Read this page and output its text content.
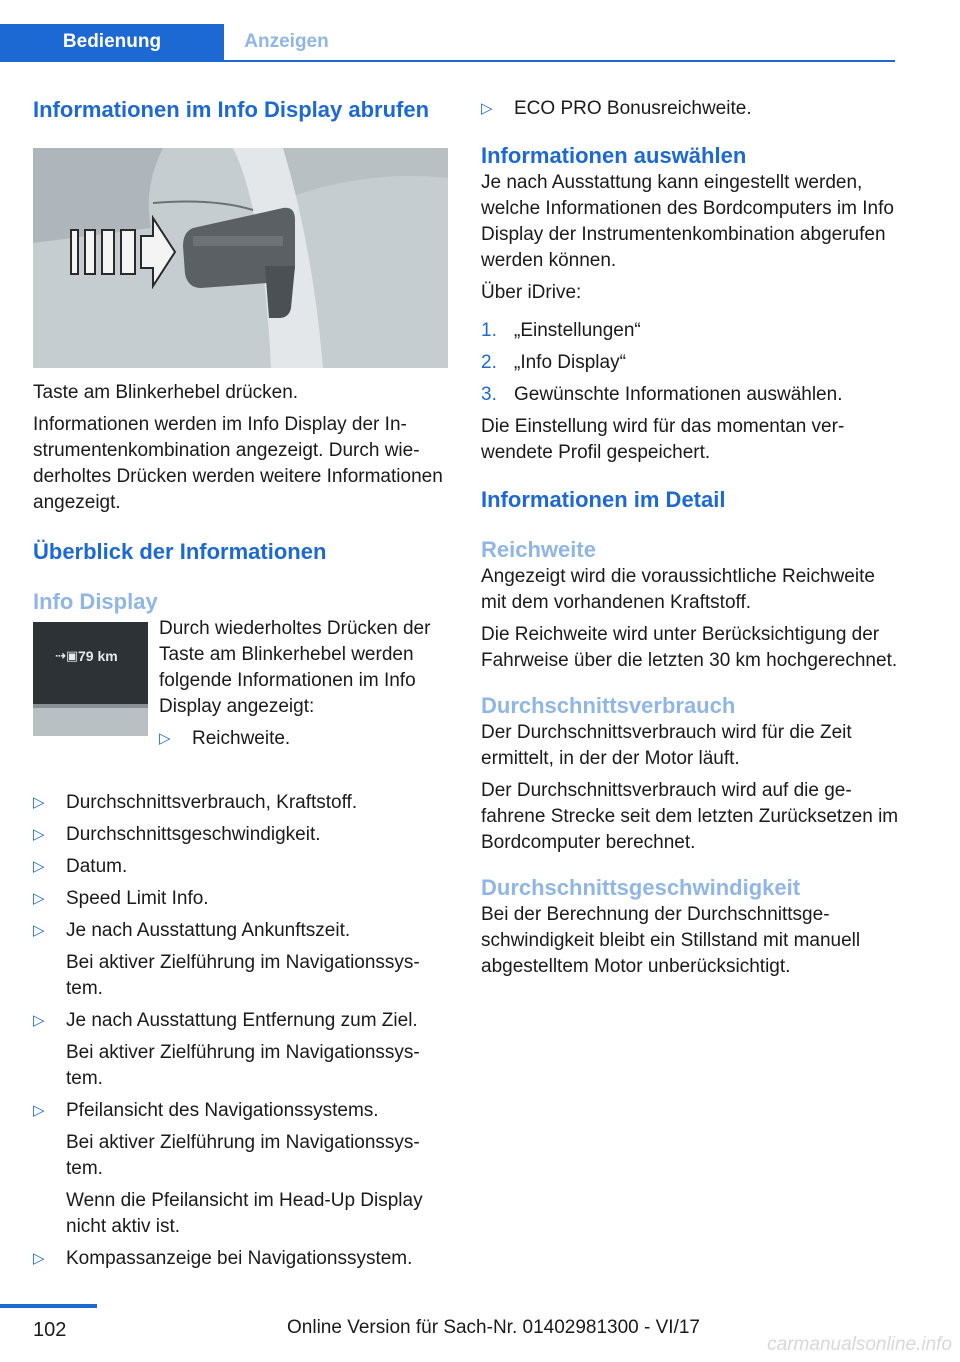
Bedienung	Anzeigen
Informationen im Info Display abrufen

Taste am Blinkerhebel drücken.

Informationen werden im Info Display der Instrumentenkombination angezeigt. Durch wiederholtes Drücken werden weitere Informationen angezeigt.

Überblick der Informationen
Info Display
⇢▣ 79 km

Durch wiederholtes Drücken der Taste am Blinkerhebel werden folgende Informationen im Info Display angezeigt:

▷ Reichweite.
▷ Durchschnittsverbrauch, Kraftstoff.
▷ Durchschnittsgeschwindigkeit.
▷ Datum.
▷ Speed Limit Info.
▷ Je nach Ausstattung Ankunftszeit.
Bei aktiver Zielführung im Navigationssystem.
▷ Je nach Ausstattung Entfernung zum Ziel.
Bei aktiver Zielführung im Navigationssystem.
▷ Pfeilansicht des Navigationssystems.
Bei aktiver Zielführung im Navigationssystem.
Wenn die Pfeilansicht im Head-Up Display nicht aktiv ist.
▷ Kompassanzeige bei Navigationssystem.
▷ ECO PRO Bonusreichweite.
Informationen auswählen

Je nach Ausstattung kann eingestellt werden, welche Informationen des Bordcomputers im Info Display der Instrumentenkombination abgerufen werden können.

Über iDrive:

1. „Einstellungen“
2. „Info Display“
3. Gewünschte Informationen auswählen.

Die Einstellung wird für das momentan verwendete Profil gespeichert.

Informationen im Detail
Reichweite

Angezeigt wird die voraussichtliche Reichweite mit dem vorhandenen Kraftstoff.

Die Reichweite wird unter Berücksichtigung der Fahrweise über die letzten 30 km hochgerechnet.

Durchschnittsverbrauch

Der Durchschnittsverbrauch wird für die Zeit ermittelt, in der der Motor läuft.

Der Durchschnittsverbrauch wird auf die gefahrene Strecke seit dem letzten Zurücksetzen im Bordcomputer berechnet.

Durchschnittsgeschwindigkeit

Bei der Berechnung der Durchschnittsgeschwindigkeit bleibt ein Stillstand mit manuell abgestelltem Motor unberücksichtigt.

102	Online Version für Sach-Nr. 01402981300 - VI/17
carmanualsonline.info
